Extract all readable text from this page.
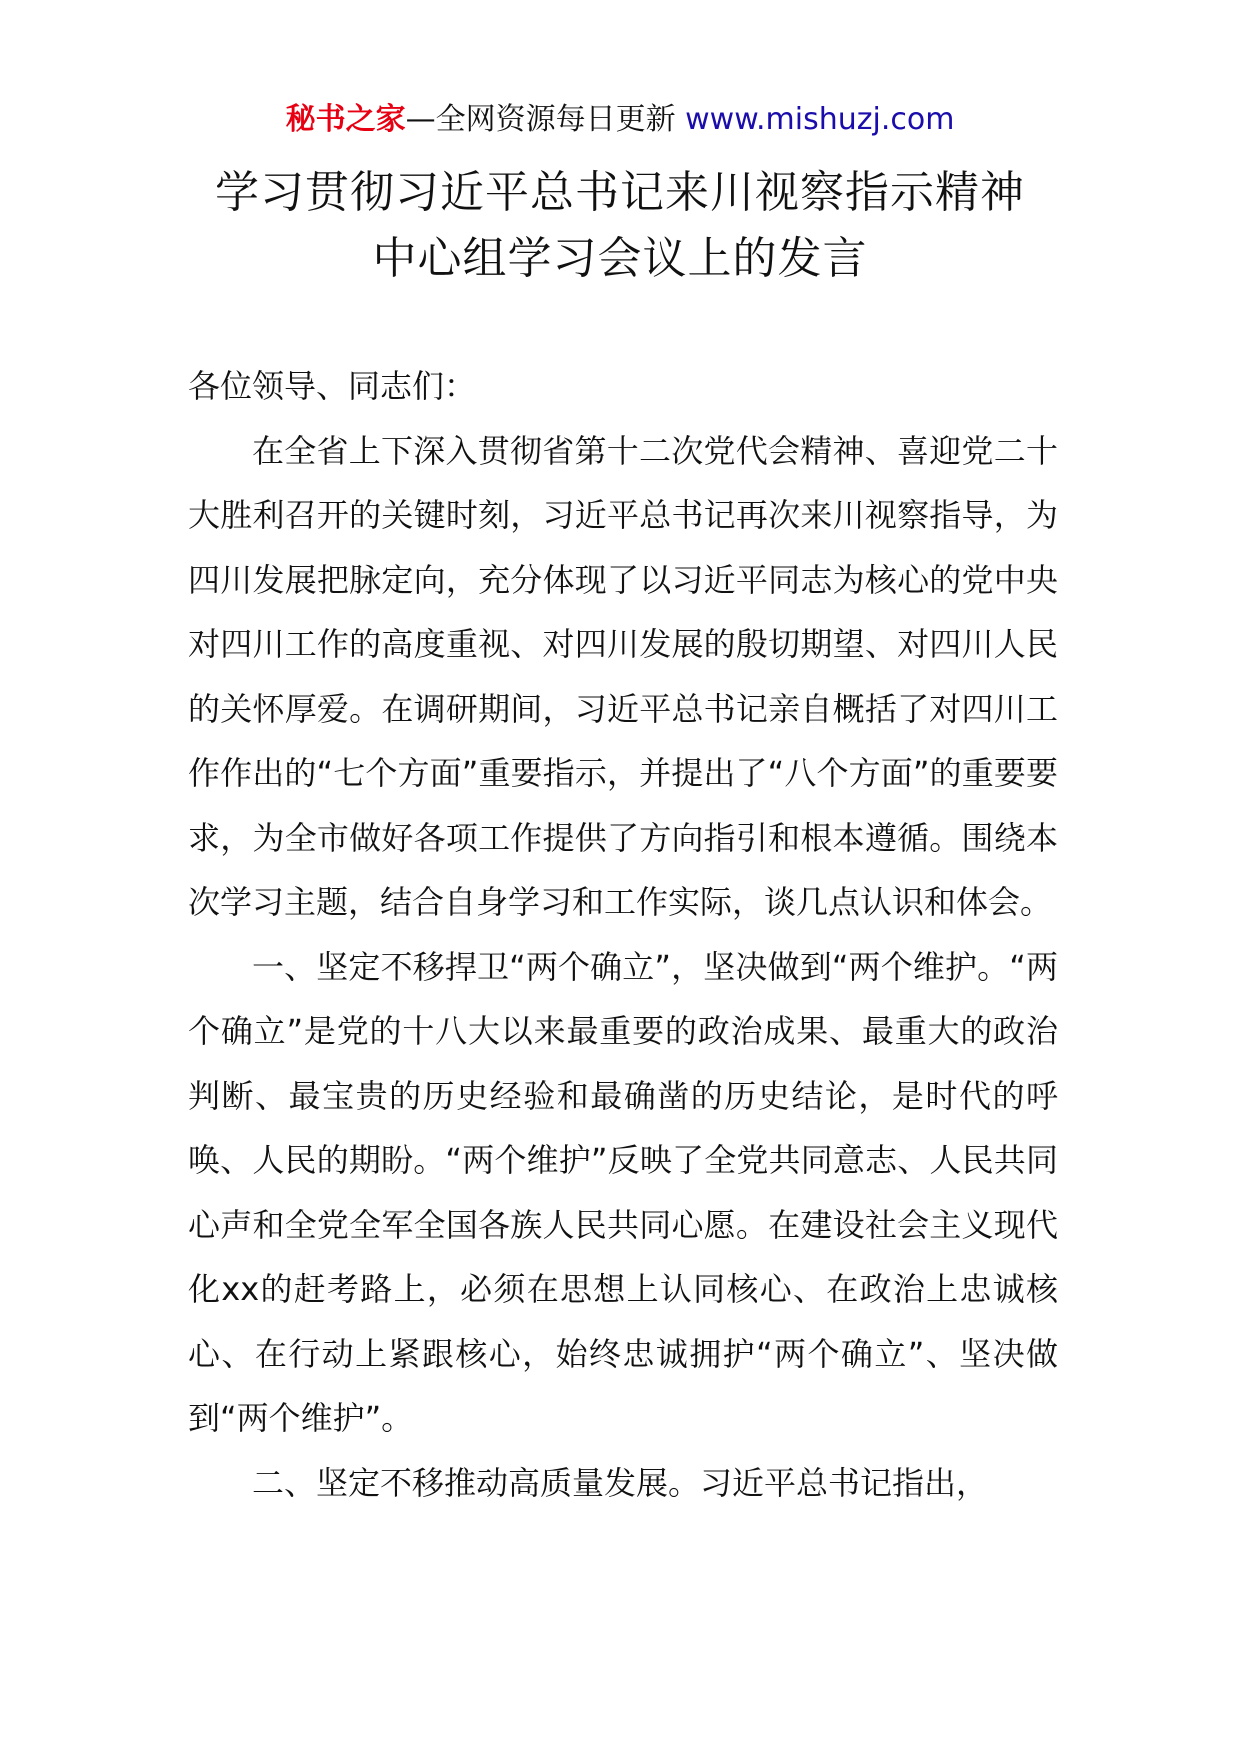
秘书之家—全网资源每日更新 www.mishuzj.com
学习贯彻习近平总书记来川视察指示精神
中心组学习会议上的发言

各位领导、同志们：

在全省上下深入贯彻省第十二次党代会精神、喜迎党二十大胜利召开的关键时刻，习近平总书记再次来川视察指导，为四川发展把脉定向，充分体现了以习近平同志为核心的党中央对四川工作的高度重视、对四川发展的殷切期望、对四川人民的关怀厚爱。在调研期间，习近平总书记亲自概括了对四川工作作出的“七个方面”重要指示，并提出了“八个方面”的重要要求，为全市做好各项工作提供了方向指引和根本遵循。围绕本次学习主题，结合自身学习和工作实际，谈几点认识和体会。

一、坚定不移捍卫“两个确立”，坚决做到“两个维护。“两个确立”是党的十八大以来最重要的政治成果、最重大的政治判断、最宝贵的历史经验和最确凿的历史结论，是时代的呼唤、人民的期盼。“两个维护”反映了全党共同意志、人民共同心声和全党全军全国各族人民共同心愿。在建设社会主义现代化xx的赶考路上，必须在思想上认同核心、在政治上忠诚核心、在行动上紧跟核心，始终忠诚拥护“两个确立”、坚决做到“两个维护”。

二、坚定不移推动高质量发展。习近平总书记指出，
